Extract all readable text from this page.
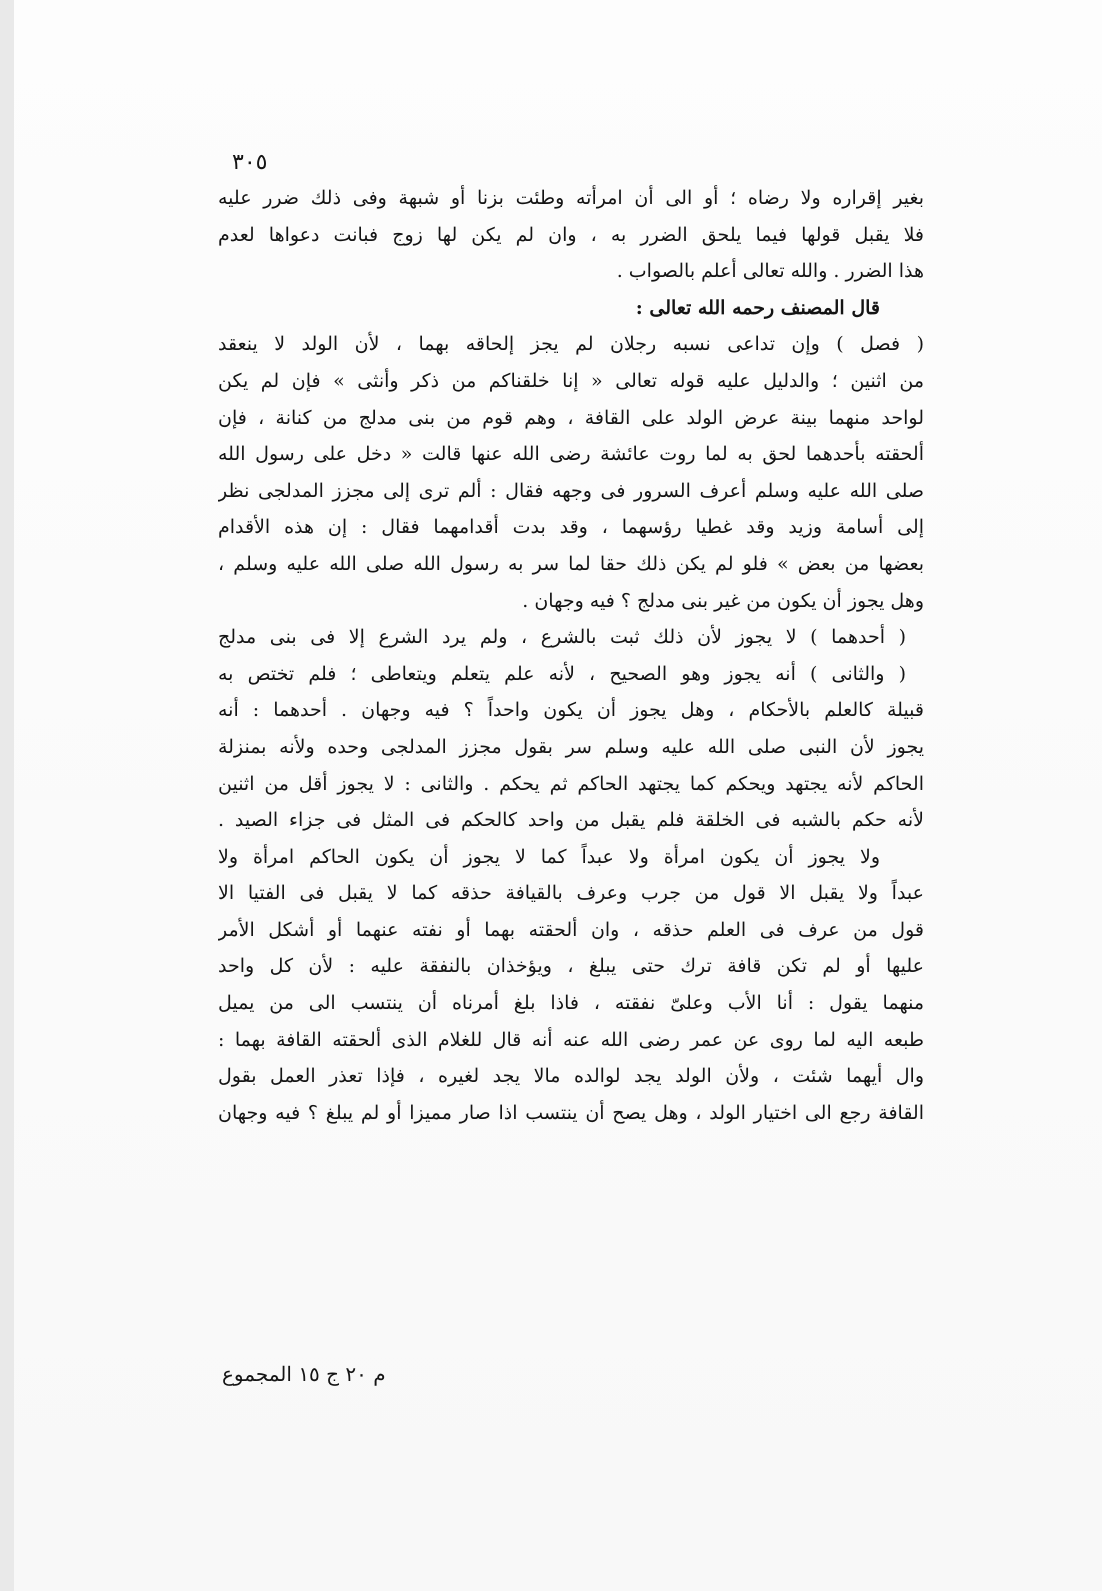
٣٠٥
بغير إقراره ولا رضاه ؛ أو الى أن امرأته وطئت بزنا أو شبهة وفى ذلك ضرر عليه
فلا يقبل قولها فيما يلحق الضرر به ، وان لم يكن لها زوج فبانت دعواها لعدم
هذا الضرر . والله تعالى أعلم بالصواب .
قال المصنف رحمه الله تعالى :
( فصل ) وإن تداعى نسبه رجلان لم يجز إلحاقه بهما ، لأن الولد لا ينعقد
من اثنين ؛ والدليل عليه قوله تعالى « إنا خلقناكم من ذكر وأنثى » فإن لم يكن
لواحد منهما بينة عرض الولد على القافة ، وهم قوم من بنى مدلج من كنانة ، فإن
ألحقته بأحدهما لحق به لما روت عائشة رضى الله عنها قالت « دخل على رسول الله
صلى الله عليه وسلم أعرف السرور فى وجهه فقال : ألم ترى إلى مجزز المدلجى نظر
إلى أسامة وزيد وقد غطيا رؤسهما ، وقد بدت أقدامهما فقال : إن هذه الأقدام
بعضها من بعض » فلو لم يكن ذلك حقا لما سر به رسول الله صلى الله عليه وسلم ،
وهل يجوز أن يكون من غير بنى مدلج ؟ فيه وجهان .
( أحدهما ) لا يجوز لأن ذلك ثبت بالشرع ، ولم يرد الشرع إلا فى بنى مدلج
( والثانى ) أنه يجوز وهو الصحيح ، لأنه علم يتعلم ويتعاطى ؛ فلم تختص به
قبيلة كالعلم بالأحكام ، وهل يجوز أن يكون واحداً ؟ فيه وجهان . أحدهما : أنه
يجوز لأن النبى صلى الله عليه وسلم سر بقول مجزز المدلجى وحده ولأنه بمنزلة
الحاكم لأنه يجتهد ويحكم كما يجتهد الحاكم ثم يحكم . والثانى : لا يجوز أقل من اثنين
لأنه حكم بالشبه فى الخلقة فلم يقبل من واحد كالحكم فى المثل فى جزاء الصيد .
ولا يجوز أن يكون امرأة ولا عبداً كما لا يجوز أن يكون الحاكم امرأة ولا
عبداً ولا يقبل الا قول من جرب وعرف بالقيافة حذقه كما لا يقبل فى الفتيا الا
قول من عرف فى العلم حذقه ، وان ألحقته بهما أو نفته عنهما أو أشكل الأمر
عليها أو لم تكن قافة ترك حتى يبلغ ، ويؤخذان بالنفقة عليه : لأن كل واحد
منهما يقول : أنا الأب وعلىّ نفقته ، فاذا بلغ أمرناه أن ينتسب الى من يميل
طبعه اليه لما روى عن عمر رضى الله عنه أنه قال للغلام الذى ألحقته القافة بهما :
وال أيهما شئت ، ولأن الولد يجد لوالده مالا يجد لغيره ، فإذا تعذر العمل بقول
القافة رجع الى اختيار الولد ، وهل يصح أن ينتسب اذا صار مميزا أو لم يبلغ ؟ فيه وجهان
م ٢٠ ج ١٥ المجموع
